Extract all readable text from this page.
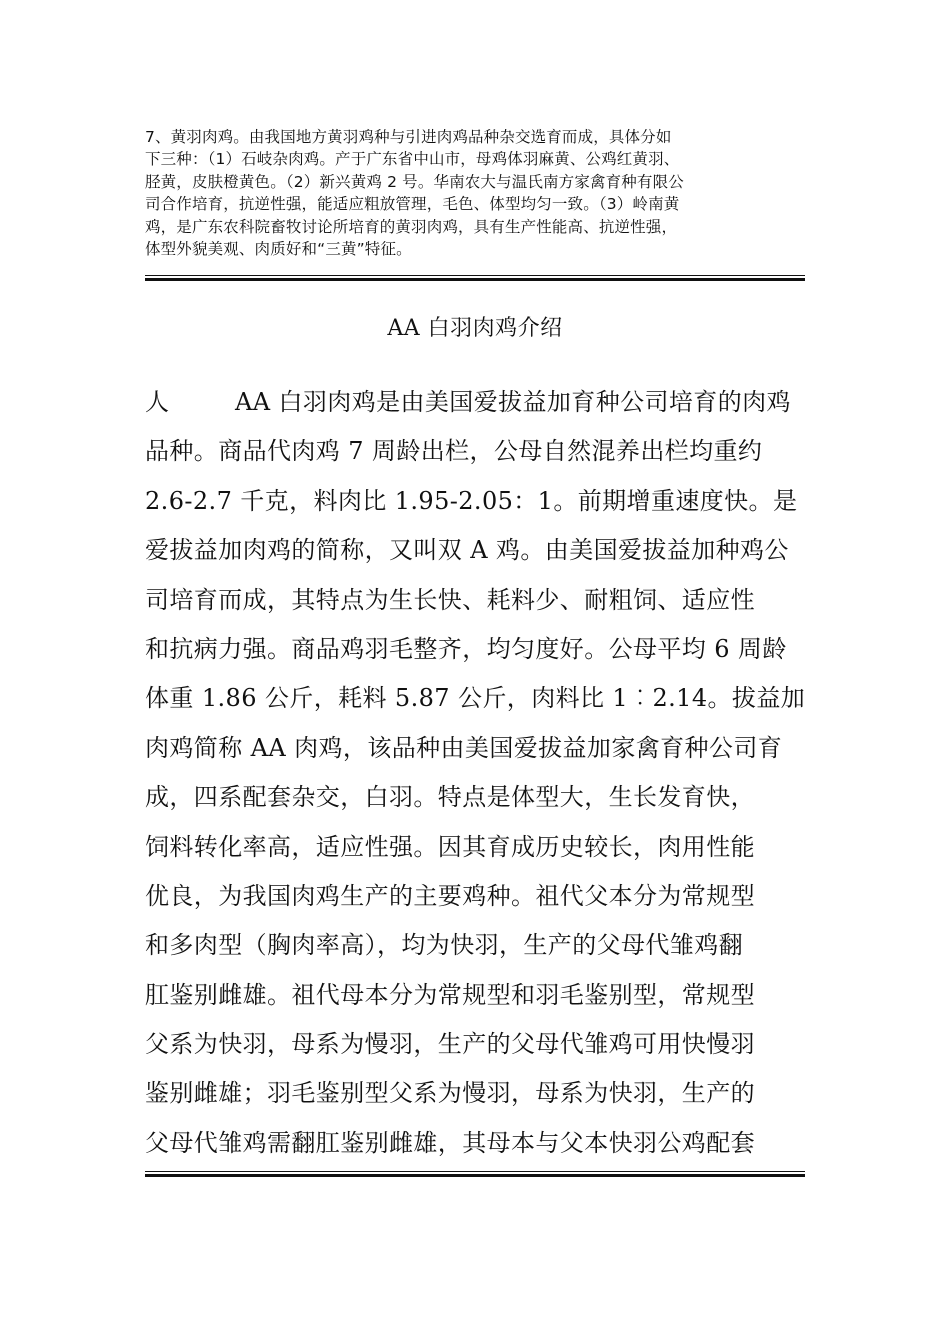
7、黄羽肉鸡。由我国地方黄羽鸡种与引进肉鸡品种杂交选育而成，具体分如
下三种：（1）石岐杂肉鸡。产于广东省中山市，母鸡体羽麻黄、公鸡红黄羽、
胫黄，皮肤橙黄色。（2）新兴黄鸡 2 号。华南农大与温氏南方家禽育种有限公
司合作培育，抗逆性强，能适应粗放管理，毛色、体型均匀一致。（3）岭南黄
鸡，是广东农科院畜牧讨论所培育的黄羽肉鸡，具有生产性能高、抗逆性强，
体型外貌美观、肉质好和“三黄”特征。
AA 白羽肉鸡介绍
人	AA 白羽肉鸡是由美国爱拔益加育种公司培育的肉鸡
品种。商品代肉鸡 7 周龄出栏，公母自然混养出栏均重约
2.6-2.7 千克，料肉比 1.95-2.05：1。前期增重速度快。是
爱拔益加肉鸡的简称，又叫双 A 鸡。由美国爱拔益加种鸡公
司培育而成，其特点为生长快、耗料少、耐粗饲、适应性
和抗病力强。商品鸡羽毛整齐，均匀度好。公母平均 6 周龄
体重 1.86 公斤，耗料 5.87 公斤，肉料比 1︰2.14。拔益加
肉鸡简称 AA 肉鸡，该品种由美国爱拔益加家禽育种公司育
成，四系配套杂交，白羽。特点是体型大，生长发育快，
饲料转化率高，适应性强。因其育成历史较长，肉用性能
优良，为我国肉鸡生产的主要鸡种。祖代父本分为常规型
和多肉型（胸肉率高），均为快羽，生产的父母代雏鸡翻
肛鉴别雌雄。祖代母本分为常规型和羽毛鉴别型，常规型
父系为快羽，母系为慢羽，生产的父母代雏鸡可用快慢羽
鉴别雌雄；羽毛鉴别型父系为慢羽，母系为快羽，生产的
父母代雏鸡需翻肛鉴别雌雄，其母本与父本快羽公鸡配套
